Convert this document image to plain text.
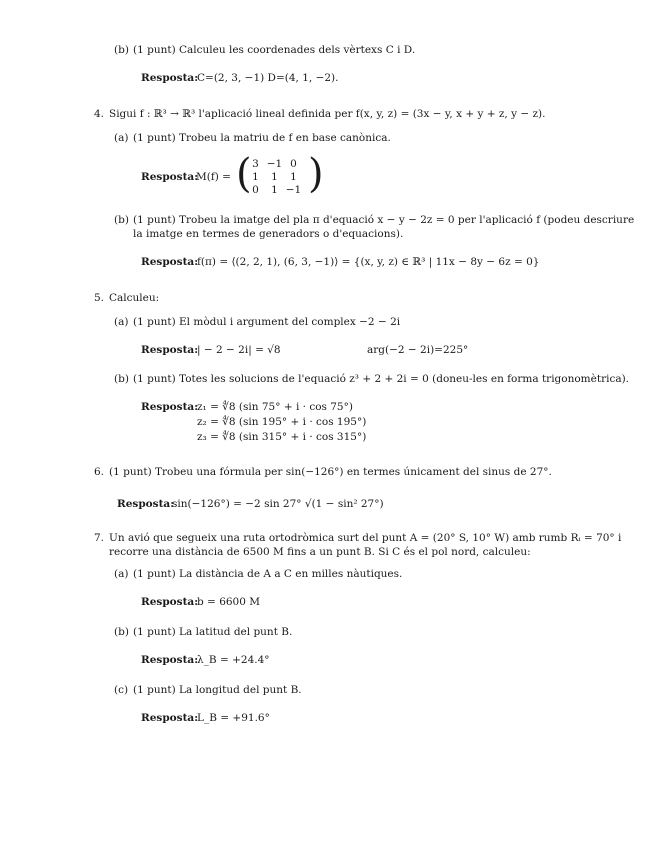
(b) (1 punt) Calculeu les coordenades dels vèrtexs C i D.
Resposta:
C=(2, 3, −1) D=(4, 1, −2).
4. Sigui f : ℝ³ → ℝ³ l'aplicació lineal definida per f(x, y, z) = (3x − y, x + y + z, y − z).
(a) (1 punt) Trobeu la matriu de f en base canònica.
Resposta:
M(f) = ( 3 −1 0
1 1 1
0 1 −1 )
(b) (1 punt) Trobeu la imatge del pla π d'equació x − y − 2z = 0 per l'aplicació f (podeu descriure
la imatge en termes de generadors o d'equacions).
Resposta:
f(π) = ⟨(2, 2, 1), (6, 3, −1)⟩ = {(x, y, z) ∈ ℝ³ | 11x − 8y − 6z = 0}
5. Calculeu:
(a) (1 punt) El mòdul i argument del complex −2 − 2i
Resposta:
| − 2 − 2i| = √8	arg(−2 − 2i)=225°
(b) (1 punt) Totes les solucions de l'equació z³ + 2 + 2i = 0 (doneu-les en forma trigonomètrica).
Resposta:
z₁ = ∜8 (sin 75° + i · cos 75°)
z₂ = ∜8 (sin 195° + i · cos 195°)
z₃ = ∜8 (sin 315° + i · cos 315°)
6. (1 punt) Trobeu una fórmula per sin(−126°) en termes únicament del sinus de 27°.
Resposta:
sin(−126°) = −2 sin 27° √(1 − sin² 27°)
7. Un avió que segueix una ruta ortodròmica surt del punt A = (20° S, 10° W) amb rumb Rᵢ = 70° i
recorre una distància de 6500 M fins a un punt B. Si C és el pol nord, calculeu:
(a) (1 punt) La distància de A a C en milles nàutiques.
Resposta:
b = 6600 M
(b) (1 punt) La latitud del punt B.
Resposta:
λ_B = +24.4°
(c) (1 punt) La longitud del punt B.
Resposta:
L_B = +91.6°
